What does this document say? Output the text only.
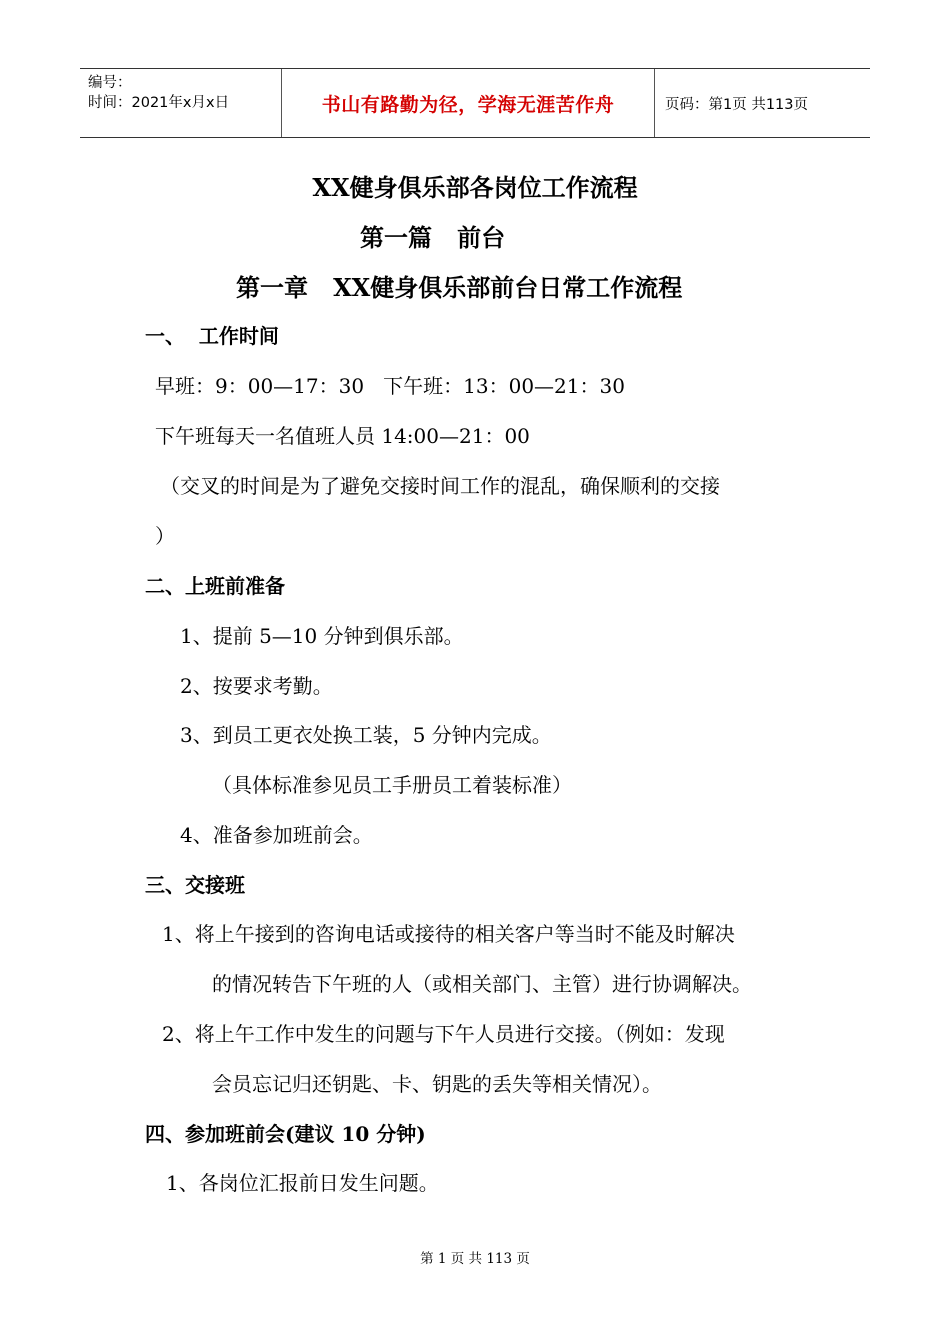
编号：
时间：2021年x月x日	书山有路勤为径，学海无涯苦作舟	页码：第1页 共113页
XX健身俱乐部各岗位工作流程
第一篇   前台
第一章   XX健身俱乐部前台日常工作流程
一、  工作时间
早班：9：00—17：30   下午班：13：00—21：30
下午班每天一名值班人员 14:00—21：00
（交叉的时间是为了避免交接时间工作的混乱，确保顺利的交接
）
二、上班前准备
1、提前 5—10 分钟到俱乐部。
2、按要求考勤。
3、到员工更衣处换工装，5 分钟内完成。
（具体标准参见员工手册员工着装标准）
4、准备参加班前会。
三、交接班
1、将上午接到的咨询电话或接待的相关客户等当时不能及时解决
的情况转告下午班的人（或相关部门、主管）进行协调解决。
2、将上午工作中发生的问题与下午人员进行交接。（例如：发现
会员忘记归还钥匙、卡、钥匙的丢失等相关情况）。
四、参加班前会(建议 10 分钟)
1、各岗位汇报前日发生问题。
第 1 页 共 113 页
